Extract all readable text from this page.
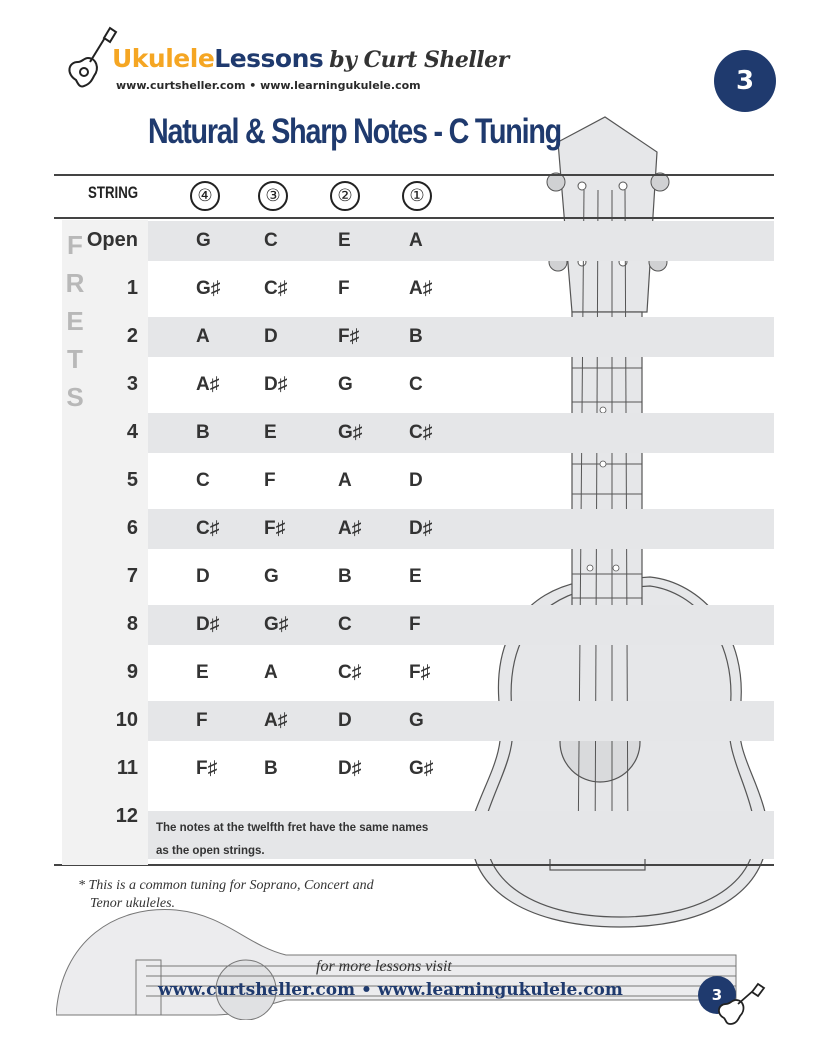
UkuleleLessons by Curt Sheller
www.curtsheller.com • www.learningukulele.com	3
Natural & Sharp Notes - C Tuning
FRETS
STRING	④	③	②	①
Open	G	C	E	A
1	G♯	C♯	F	A♯
2	A	D	F♯	B
3	A♯	D♯	G	C
4	B	E	G♯	C♯
5	C	F	A	D
6	C♯	F♯	A♯	D♯
7	D	G	B	E
8	D♯	G♯	C	F
9	E	A	C♯	F♯
10	F	A♯	D	G
11	F♯	B	D♯	G♯
12
The notes at the twelfth fret have the same names
as the open strings.
* This is a common tuning for Soprano, Concert and
Tenor ukuleles.
for more lessons visit
www.curtsheller.com • www.learningukulele.com	3
